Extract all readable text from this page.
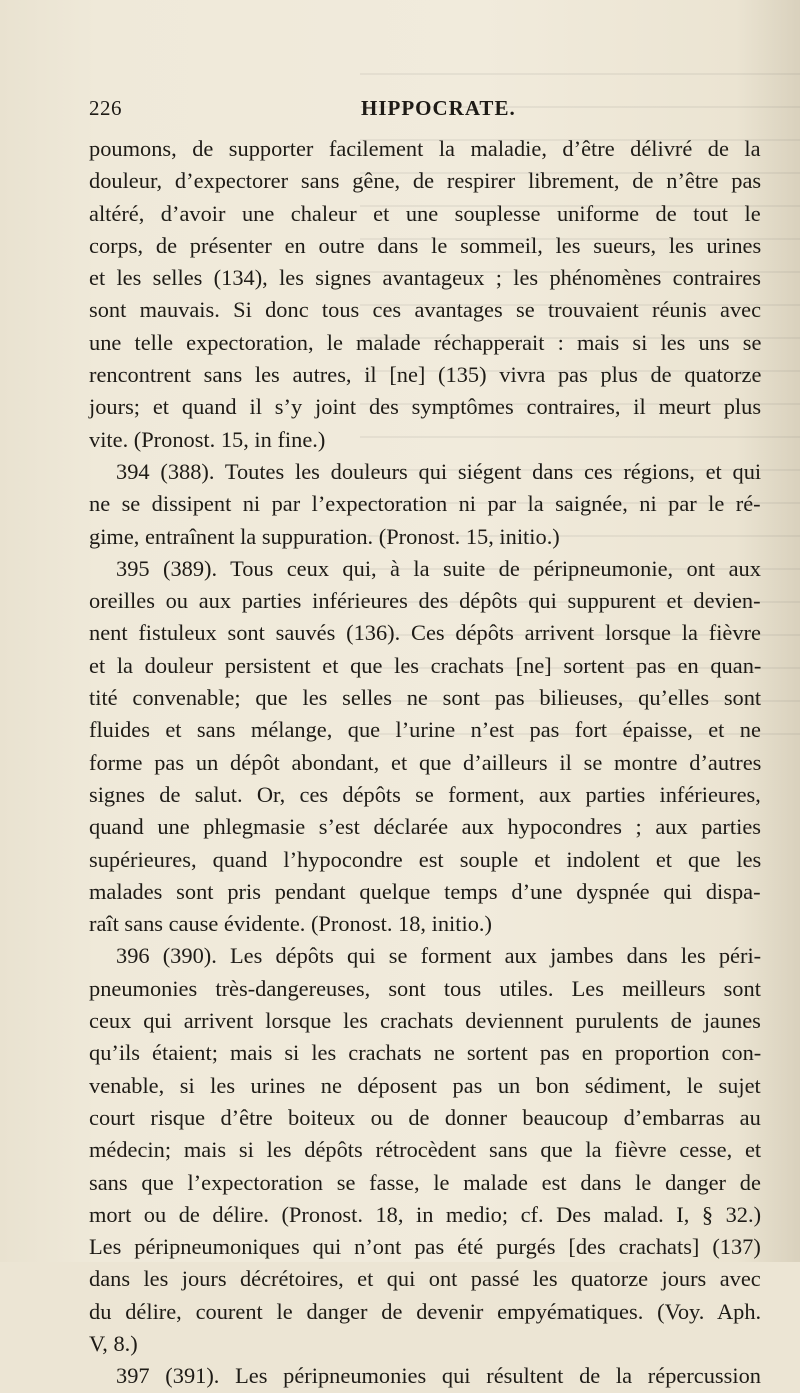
226	HIPPOCRATE.
poumons, de supporter facilement la maladie, d’être délivré de la
douleur, d’expectorer sans gêne, de respirer librement, de n’être pas
altéré, d’avoir une chaleur et une souplesse uniforme de tout le
corps, de présenter en outre dans le sommeil, les sueurs, les urines
et les selles (134), les signes avantageux ; les phénomènes contraires
sont mauvais. Si donc tous ces avantages se trouvaient réunis avec
une telle expectoration, le malade réchapperait : mais si les uns se
rencontrent sans les autres, il [ne] (135) vivra pas plus de quatorze
jours; et quand il s’y joint des symptômes contraires, il meurt plus
vite. (Pronost. 15, in fine.)
394 (388). Toutes les douleurs qui siégent dans ces régions, et qui
ne se dissipent ni par l’expectoration ni par la saignée, ni par le ré-
gime, entraînent la suppuration. (Pronost. 15, initio.)
395 (389). Tous ceux qui, à la suite de péripneumonie, ont aux
oreilles ou aux parties inférieures des dépôts qui suppurent et devien-
nent fistuleux sont sauvés (136). Ces dépôts arrivent lorsque la fièvre
et la douleur persistent et que les crachats [ne] sortent pas en quan-
tité convenable; que les selles ne sont pas bilieuses, qu’elles sont
fluides et sans mélange, que l’urine n’est pas fort épaisse, et ne
forme pas un dépôt abondant, et que d’ailleurs il se montre d’autres
signes de salut. Or, ces dépôts se forment, aux parties inférieures,
quand une phlegmasie s’est déclarée aux hypocondres ; aux parties
supérieures, quand l’hypocondre est souple et indolent et que les
malades sont pris pendant quelque temps d’une dyspnée qui dispa-
raît sans cause évidente. (Pronost. 18, initio.)
396 (390). Les dépôts qui se forment aux jambes dans les péri-
pneumonies très-dangereuses, sont tous utiles. Les meilleurs sont
ceux qui arrivent lorsque les crachats deviennent purulents de jaunes
qu’ils étaient; mais si les crachats ne sortent pas en proportion con-
venable, si les urines ne déposent pas un bon sédiment, le sujet
court risque d’être boiteux ou de donner beaucoup d’embarras au
médecin; mais si les dépôts rétrocèdent sans que la fièvre cesse, et
sans que l’expectoration se fasse, le malade est dans le danger de
mort ou de délire. (Pronost. 18, in medio; cf. Des malad. I, § 32.)
Les péripneumoniques qui n’ont pas été purgés [des crachats] (137)
dans les jours décrétoires, et qui ont passé les quatorze jours avec
du délire, courent le danger de devenir empyématiques. (Voy. Aph.
V, 8.)
397 (391). Les péripneumonies qui résultent de la répercussion
